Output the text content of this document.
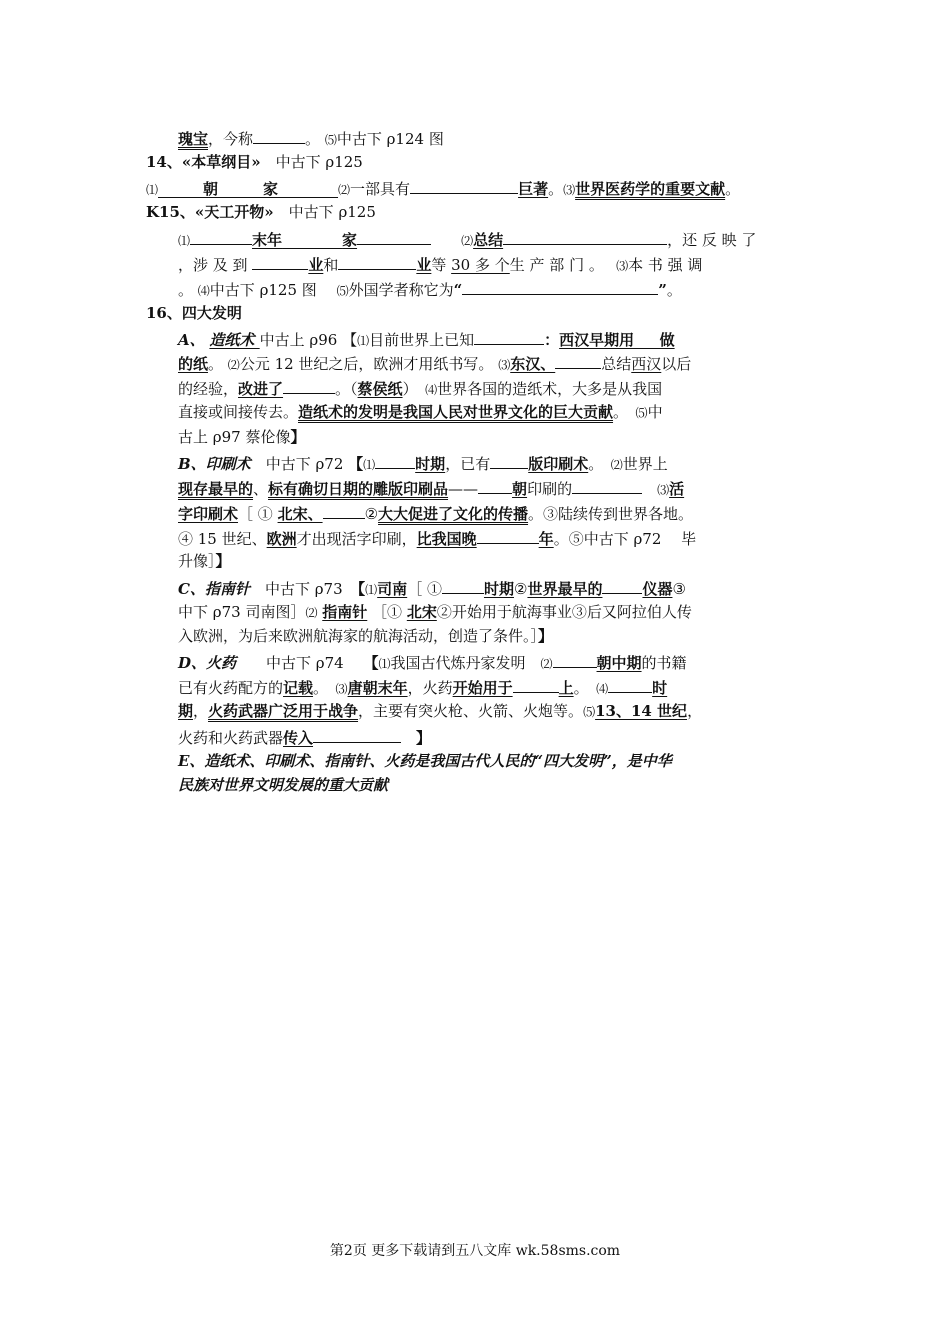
瑰宝，今称	。 ⑸中古下 ρ124 图
14、«本草纲目»　中古下 ρ125
⑴　　　朝　　　家　　　　⑵一部具有	巨著。⑶世界医药学的重要文献。
K15、«天工开物»　中古下 ρ125
⑴	末年　　　　	家　　	⑵总结	，还 反 映 了
，涉 及 到	业和	业等 30 多 个生 产 部 门 。　 ⑶本 书 强 调
。 ⑷中古下 ρ125 图　 ⑸外国学者称它为“	”。
16、四大发明
A、 造纸术 中古上 ρ96 【⑴目前世界上已知	：西汉早期用 　 做
的纸。 ⑵公元 12 世纪之后，欧洲才用纸书写。 ⑶东汉、	总结西汉以后
的经验，改进了	。（蔡侯纸）　⑷世界各国的造纸术，大多是从我国
直接或间接传去。造纸术的发明是我国人民对世界文化的巨大贡献。　⑸中
古上 ρ97 蔡伦像】
B、印刷术　中古下 ρ72 【⑴	时期，已有	版印刷术。　⑵世界上
现存最早的、标有确切日期的雕版印刷品—— 朝印刷的　	⑶活
字印刷术［ ① 北宋、	②大大促进了文化的传播。③陆续传到世界各地。
④ 15 世纪、欧洲才出现活字印刷，比我国晚	年。⑤中古下 ρ72　 毕
升像］】
C、指南针　中古下 ρ73　【⑴司南［ ①	时期②世界最早的	仪器③
中下 ρ73 司南图］⑵ 指南针 ［① 北宋②开始用于航海事业③后又阿拉伯人传
入欧洲，为后来欧洲航海家的航海活动，创造了条件。］】
D、火药　　中古下 ρ74　 【⑴我国古代炼丹家发明　⑵	朝中期的书籍
已有火药配方的记载。　⑶唐朝末年，火药开始用于	上。　⑷	时
期，火药武器广泛用于战争，主要有突火枪、火箭、火炮等。⑸13、14 世纪，
火药和火药武器传入　	】
E、造纸术、印刷术、指南针、火药是我国古代人民的“四大发明”，是中华
民族对世界文明发展的重大贡献
第2页 更多下载请到五八文库 wk.58sms.com
